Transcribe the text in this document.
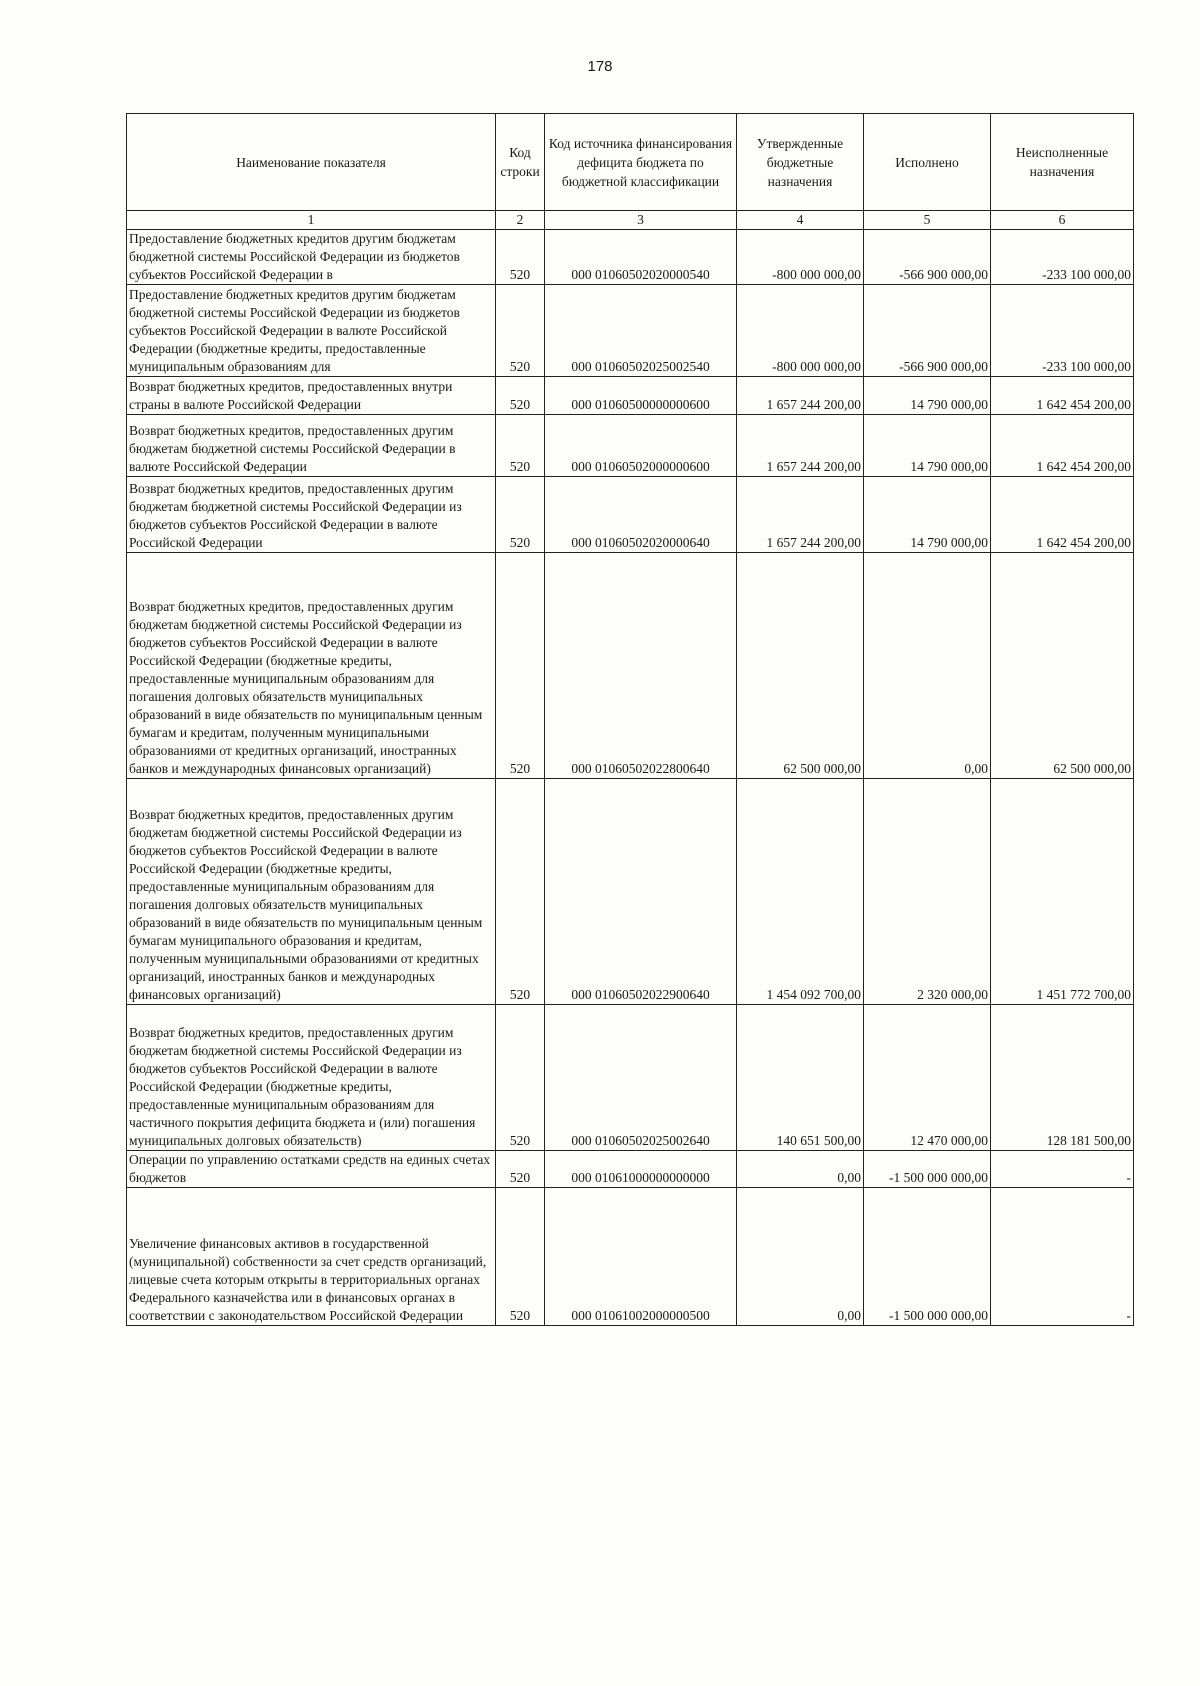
178
Наименование показателя	Код строки	Код источника финансирования дефицита бюджета по бюджетной классификации	Утвержденные бюджетные назначения	Исполнено	Неисполненные назначения
1	2	3	4	5	6
Предоставление бюджетных кредитов другим бюджетам бюджетной системы Российской Федерации из бюджетов субъектов Российской Федерации в	520	000 01060502020000540	-800 000 000,00	-566 900 000,00	-233 100 000,00
Предоставление бюджетных кредитов другим бюджетам бюджетной системы Российской Федерации из бюджетов субъектов Российской Федерации в валюте Российской Федерации (бюджетные кредиты, предоставленные муниципальным образованиям для	520	000 01060502025002540	-800 000 000,00	-566 900 000,00	-233 100 000,00
Возврат бюджетных кредитов, предоставленных внутри страны в валюте Российской Федерации	520	000 01060500000000600	1 657 244 200,00	14 790 000,00	1 642 454 200,00
Возврат бюджетных кредитов, предоставленных другим бюджетам бюджетной системы Российской Федерации в валюте Российской Федерации	520	000 01060502000000600	1 657 244 200,00	14 790 000,00	1 642 454 200,00
Возврат бюджетных кредитов, предоставленных другим бюджетам бюджетной системы Российской Федерации из бюджетов субъектов Российской Федерации в валюте Российской Федерации	520	000 01060502020000640	1 657 244 200,00	14 790 000,00	1 642 454 200,00
Возврат бюджетных кредитов, предоставленных другим бюджетам бюджетной системы Российской Федерации из бюджетов субъектов Российской Федерации в валюте Российской Федерации (бюджетные кредиты, предоставленные муниципальным образованиям для погашения долговых обязательств муниципальных образований в виде обязательств по муниципальным ценным бумагам и кредитам, полученным муниципальными образованиями от кредитных организаций, иностранных банков и международных финансовых организаций)	520	000 01060502022800640	62 500 000,00	0,00	62 500 000,00
Возврат бюджетных кредитов, предоставленных другим бюджетам бюджетной системы Российской Федерации из бюджетов субъектов Российской Федерации в валюте Российской Федерации (бюджетные кредиты, предоставленные муниципальным образованиям для погашения долговых обязательств муниципальных образований в виде обязательств по муниципальным ценным бумагам муниципального образования и кредитам, полученным муниципальными образованиями от кредитных организаций, иностранных банков и международных финансовых организаций)	520	000 01060502022900640	1 454 092 700,00	2 320 000,00	1 451 772 700,00
Возврат бюджетных кредитов, предоставленных другим бюджетам бюджетной системы Российской Федерации из бюджетов субъектов Российской Федерации в валюте Российской Федерации (бюджетные кредиты, предоставленные муниципальным образованиям для частичного покрытия дефицита бюджета и (или) погашения муниципальных долговых обязательств)	520	000 01060502025002640	140 651 500,00	12 470 000,00	128 181 500,00
Операции по управлению остатками средств на единых счетах бюджетов	520	000 01061000000000000	0,00	-1 500 000 000,00	-
Увеличение финансовых активов в государственной (муниципальной) собственности за счет средств организаций, лицевые счета которым открыты в территориальных органах Федерального казначейства или в финансовых органах в соответствии с законодательством Российской Федерации	520	000 01061002000000500	0,00	-1 500 000 000,00	-
